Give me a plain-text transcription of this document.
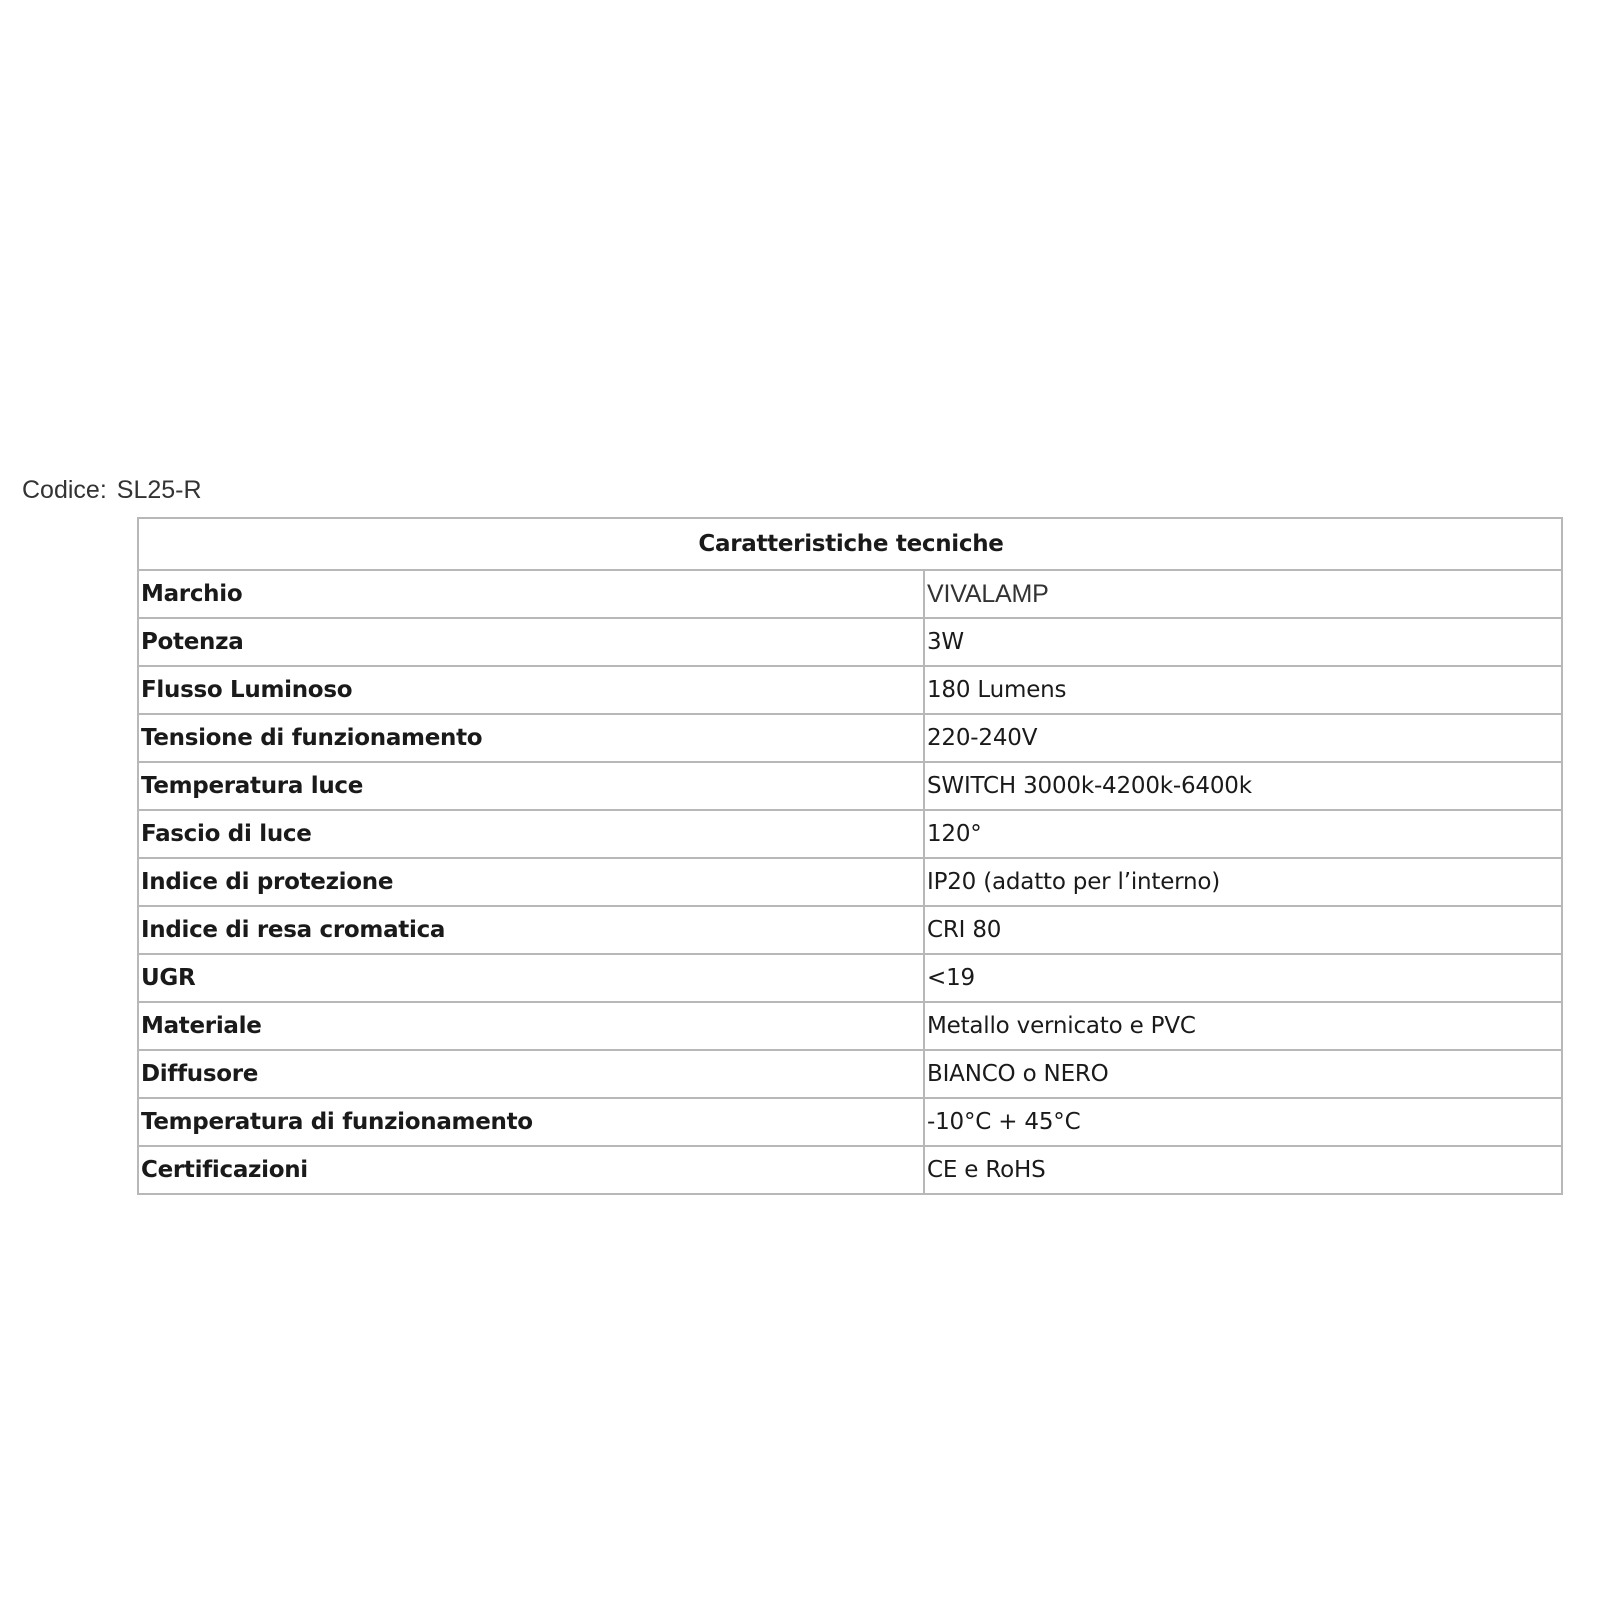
Codice: SL25-R
Caratteristiche tecniche	
Marchio	VIVALAMP
Potenza	3W
Flusso Luminoso	180 Lumens
Tensione di funzionamento	220-240V
Temperatura luce	SWITCH 3000k-4200k-6400k
Fascio di luce	120°
Indice di protezione	IP20 (adatto per l’interno)
Indice di resa cromatica	CRI 80
UGR	<19
Materiale	Metallo vernicato e PVC
Diffusore	BIANCO o NERO
Temperatura di funzionamento	-10°C + 45°C
Certificazioni	CE e RoHS
